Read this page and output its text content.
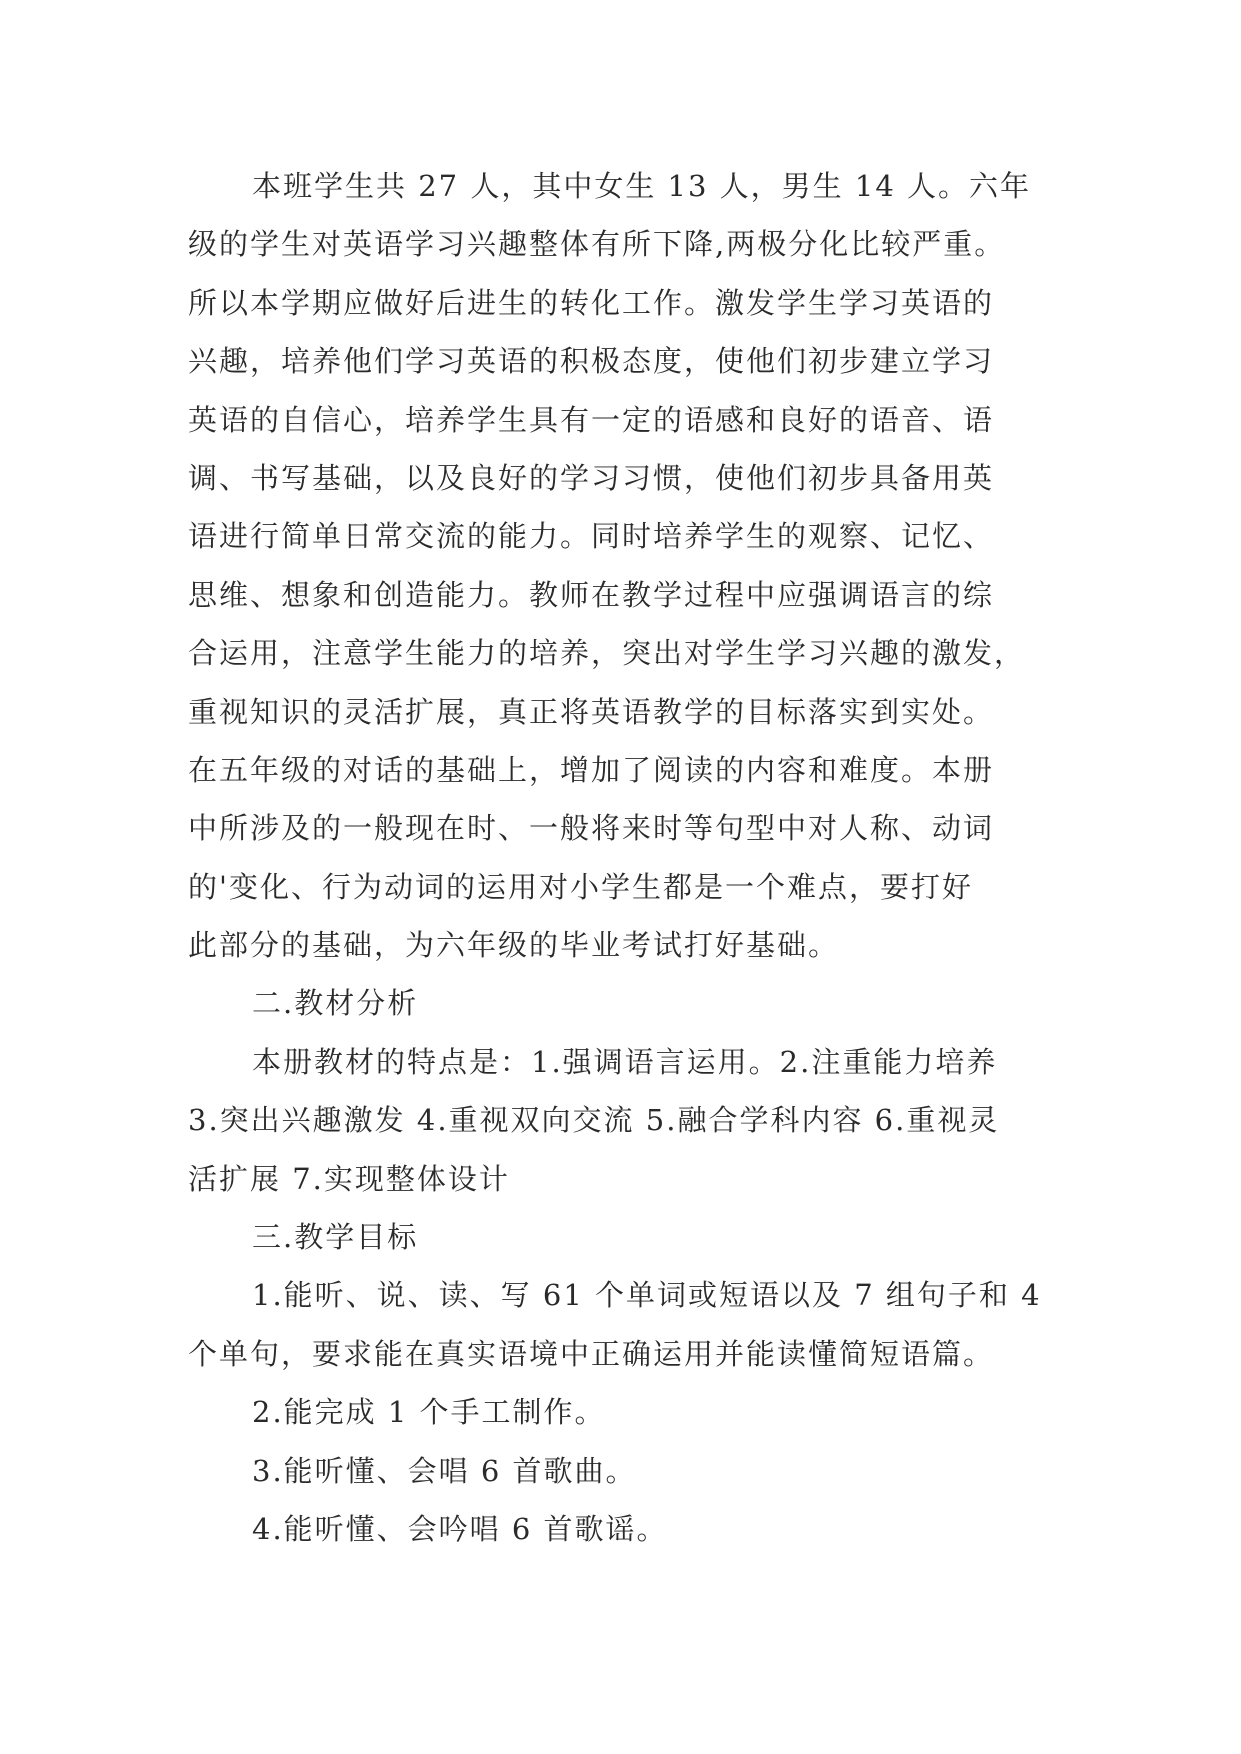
本班学生共 27 人，其中女生 13 人，男生 14 人。六年
级的学生对英语学习兴趣整体有所下降,两极分化比较严重。
所以本学期应做好后进生的转化工作。激发学生学习英语的
兴趣，培养他们学习英语的积极态度，使他们初步建立学习
英语的自信心，培养学生具有一定的语感和良好的语音、语
调、书写基础，以及良好的学习习惯，使他们初步具备用英
语进行简单日常交流的能力。同时培养学生的观察、记忆、
思维、想象和创造能力。教师在教学过程中应强调语言的综
合运用，注意学生能力的培养，突出对学生学习兴趣的激发，
重视知识的灵活扩展，真正将英语教学的目标落实到实处。
在五年级的对话的基础上，增加了阅读的内容和难度。本册
中所涉及的一般现在时、一般将来时等句型中对人称、动词
的'变化、行为动词的运用对小学生都是一个难点，要打好
此部分的基础，为六年级的毕业考试打好基础。
二.教材分析
本册教材的特点是：1.强调语言运用。2.注重能力培养
3.突出兴趣激发 4.重视双向交流 5.融合学科内容 6.重视灵
活扩展 7.实现整体设计
三.教学目标
1.能听、说、读、写 61 个单词或短语以及 7 组句子和 4
个单句，要求能在真实语境中正确运用并能读懂简短语篇。
2.能完成 1 个手工制作。
3.能听懂、会唱 6 首歌曲。
4.能听懂、会吟唱 6 首歌谣。
